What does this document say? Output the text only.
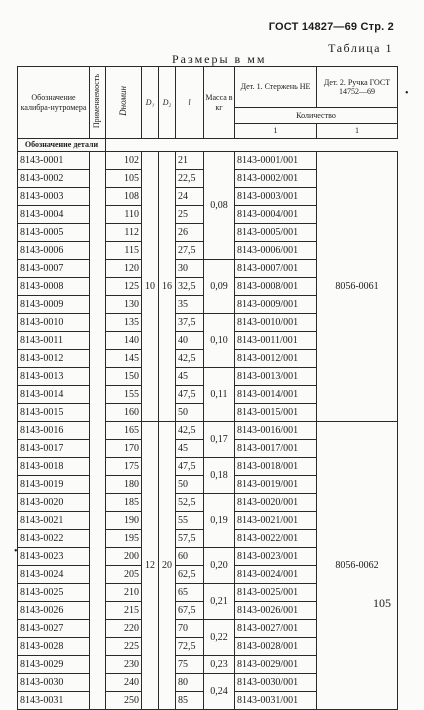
ГОСТ 14827—69 Стр. 2
Таблица 1
Размеры в мм
•
•
Обозначение калибра-нутромера	Применяемость	Dномин	D₁	D₂	l	Масса в кг	Дет. 1. Стержень НЕ	Дет. 2. Ручка ГОСТ 14752—69
							Количество	
							1	1
Обозначение детали								
8143-0001		102	10	16	21	0,08	8143-0001/001	8056-0061
8143-0002		105			22,5		8143-0002/001	
8143-0003		108			24		8143-0003/001	
8143-0004		110			25		8143-0004/001	
8143-0005		112			26		8143-0005/001	
8143-0006		115			27,5		8143-0006/001	
8143-0007		120			30	0,09	8143-0007/001	
8143-0008		125			32,5		8143-0008/001	
8143-0009		130			35		8143-0009/001	
8143-0010		135			37,5	0,10	8143-0010/001	
8143-0011		140			40		8143-0011/001	
8143-0012		145			42,5		8143-0012/001	
8143-0013		150			45	0,11	8143-0013/001	
8143-0014		155			47,5		8143-0014/001	
8143-0015		160			50		8143-0015/001	
8143-0016		165	12	20	42,5	0,17	8143-0016/001	8056-0062
8143-0017		170			45		8143-0017/001	
8143-0018		175			47,5	0,18	8143-0018/001	
8143-0019		180			50		8143-0019/001	
8143-0020		185			52,5	0,19	8143-0020/001	
8143-0021		190			55		8143-0021/001	
8143-0022		195			57,5		8143-0022/001	
8143-0023		200			60	0,20	8143-0023/001	
8143-0024		205			62,5		8143-0024/001	
8143-0025		210			65	0,21	8143-0025/001	
8143-0026		215			67,5		8143-0026/001	
8143-0027		220			70	0,22	8143-0027/001	
8143-0028		225			72,5		8143-0028/001	
8143-0029		230			75	0,23	8143-0029/001	
8143-0030		240			80	0,24	8143-0030/001	
8143-0031		250			85		8143-0031/001	
105
